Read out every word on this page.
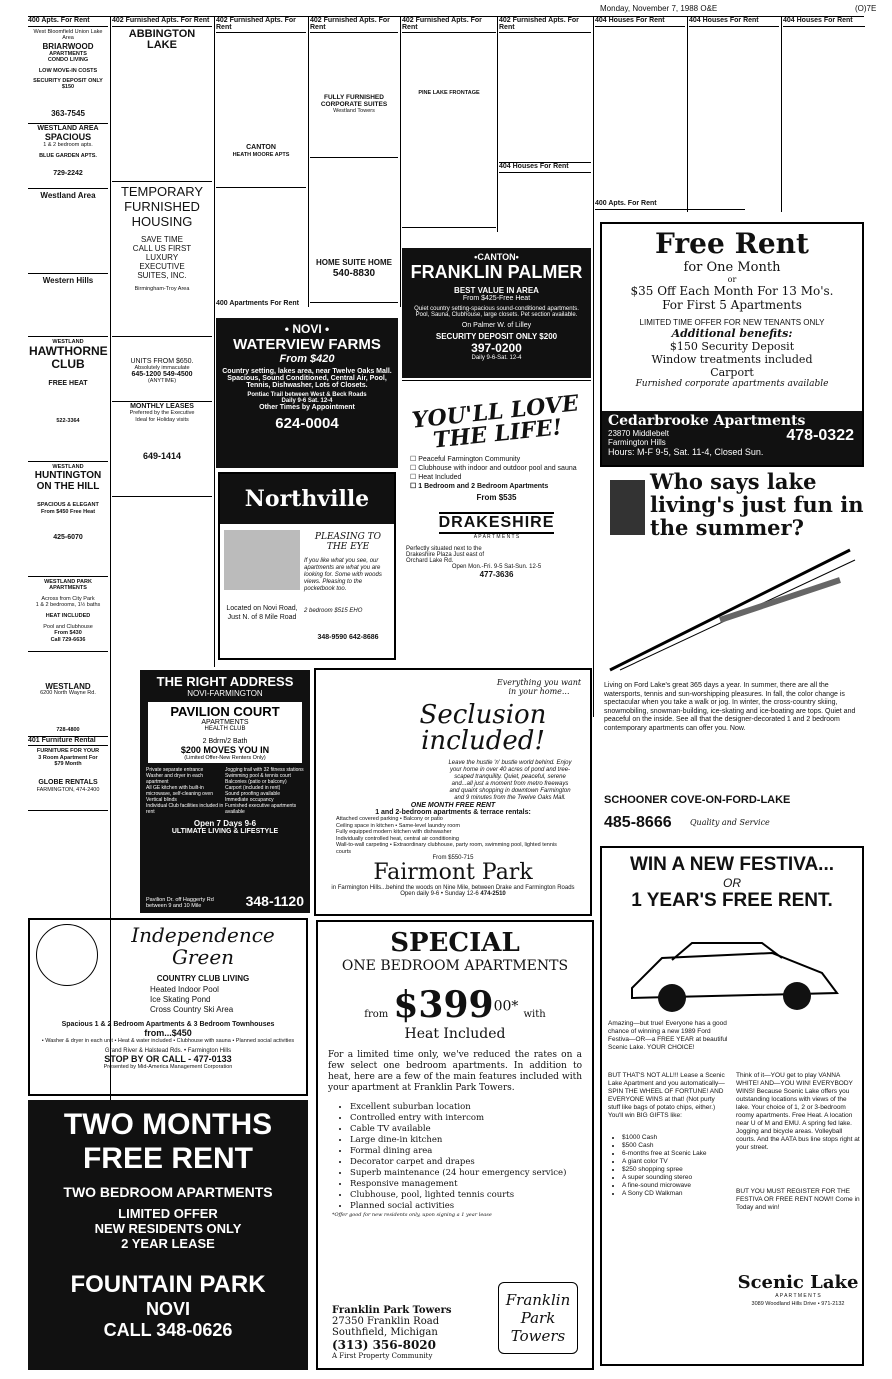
Monday, November 7, 1988 O&E	(O)7E
400 Apts. For Rent

West Bloomfield Union Lake Area

BRIARWOOD

APARTMENTS

CONDO LIVING

LOW MOVE-IN COSTS

SECURITY DEPOSIT ONLY $150

363-7545

WESTLAND AREA

SPACIOUS

1 & 2 bedroom apts.

BLUE GARDEN APTS.

729-2242

Westland Area

Western Hills

WESTLAND

HAWTHORNE

CLUB

FREE HEAT

522-3364

WESTLAND

HUNTINGTON

ON THE HILL

SPACIOUS & ELEGANT

From $450 Free Heat

425-6070

WESTLAND PARK

APARTMENTS

Across from City Park

1 & 2 bedrooms, 1½ baths

HEAT INCLUDED

Pool and Clubhouse

From $430

Call 729-6636

WESTLAND

6200 North Wayne Rd.

728-4800

401 Furniture Rental

FURNITURE FOR YOUR

3 Room Apartment For

$79 Month

GLOBE RENTALS

FARMINGTON, 474-2400

402 Furnished Apts. For Rent

ABBINGTON

LAKE

TEMPORARY

FURNISHED

HOUSING

SAVE TIME

CALL US FIRST

LUXURY

EXECUTIVE

SUITES, INC.

Birmingham-Troy Area

UNITS FROM $650.

Absolutely immaculate

645-1200 549-4500

(ANYTIME)

MONTHLY LEASES

Preferred by the Executive

Ideal for Holiday visits

649-1414

402 Furnished Apts. For Rent

CANTON

HEATH MOORE APTS

400 Apartments For Rent
402 Furnished Apts. For Rent

FULLY FURNISHED

CORPORATE SUITES

Westland Towers

HOME SUITE HOME

540-8830

402 Furnished Apts. For Rent

PINE LAKE FRONTAGE

402 Furnished Apts. For Rent
404 Houses For Rent
404 Houses For Rent	404 Houses For Rent	404 Houses For Rent
400 Apts. For Rent
•CANTON•
FRANKLIN PALMER
BEST VALUE IN AREA
From $425-Free Heat
Quiet country setting-spacious sound-conditioned apartments. Pool, Sauna, Clubhouse, large closets. Pet section available.
On Palmer W. of Lilley
SECURITY DEPOSIT ONLY $200
397-0200
Daily 9-6-Sat. 12-4
YOU'LL LOVE THE LIFE!
☐ Peaceful Farmington Community
☐ Clubhouse with indoor and outdoor pool and sauna
☐ Heat Included
☐ 1 Bedroom and 2 Bedroom Apartments
From $535
DRAKESHIRE
A P A R T M E N T S
Perfectly situated next to the Drakeshire Plaza Just east of Orchard Lake Rd.
Open Mon.-Fri. 9-5 Sat-Sun. 12-5
477-3636
• NOVI •
WATERVIEW FARMS
From $420
Country setting, lakes area, near Twelve Oaks Mall. Spacious, Sound Conditioned, Central Air, Pool, Tennis, Dishwasher, Lots of Closets.
Pontiac Trail between West & Beck Roads
Daily 9-6 Sat. 12-4
Other Times by Appointment
624-0004
Northville
Located on Novi Road, Just N. of 8 Mile Road
PLEASING TO THE EYE
If you like what you see, our apartments are what you are looking for. Some with woods views. Pleasing to the pocketbook too.
2 bedroom $515 EHO
348-9590 642-8686
Free Rent
for One Month
or
$35 Off Each Month For 13 Mo's.
For First 5 Apartments
LIMITED TIME OFFER FOR NEW TENANTS ONLY
Additional benefits:
$150 Security Deposit
Window treatments included
Carport
Furnished corporate apartments available
Cedarbrooke Apartments
23870 Middlebelt
Farmington Hills	478-0322
Hours: M-F 9-5, Sat. 11-4, Closed Sun.
Who says lake living's just fun in the summer?
Living on Ford Lake's great 365 days a year. In summer, there are all the watersports, tennis and sun-worshipping pleasures. In fall, the color change is spectacular when you take a walk or jog. In winter, the cross-country skiing, snowmobiling, snowman-building, ice-skating and ice-boating are tops. Quiet and peaceful on the inside. See all that the designer-decorated 1 and 2 bedroom contemporary apartments can offer you. Now.
SCHOONER COVE-ON-FORD-LAKE
485-8666 Quality and Service
THE RIGHT ADDRESS
NOVI-FARMINGTON
PAVILION COURT
APARTMENTS
HEALTH CLUB
2 Bdrm/2 Bath
$200 MOVES YOU IN
(Limited Offer-New Renters Only)
Private separate entrance
Washer and dryer in each apartment
All GE kitchen with built-in microwave, self-cleaning oven
Vertical blinds
Individual Club facilities included in rent
Jogging trail with 32 fitness stations
Swimming pool & tennis court
Balconies (patio or balcony)
Carport (included in rent)
Sound proofing available
Immediate occupancy
Furnished executive apartments available
Open 7 Days 9-6
ULTIMATE LIVING & LIFESTYLE
Pavilion Dr. off Haggerty Rd between 9 and 10 Mile	348-1120
Everything you want in your home...
Seclusion included!
Leave the hustle 'n' bustle world behind. Enjoy your home in over 40 acres of pond and tree-scaped tranquility. Quiet, peaceful, serene and...all just a moment from metro freeways and quaint shopping in downtown Farmington and 9 minutes from the Twelve Oaks Mall.
ONE MONTH FREE RENT
1 and 2-bedroom apartments & terrace rentals:
Attached covered parking • Balcony or patio
Ceiling space in kitchen • Same-level laundry room
Fully equipped modern kitchen with dishwasher
Individually controlled heat, central air conditioning
Wall-to-wall carpeting • Extraordinary clubhouse, party room, swimming pool, lighted tennis courts
From $550-715
Fairmont Park
in Farmington Hills...behind the woods on Nine Mile, between Drake and Farmington Roads
Open daily 9-6 • Sunday 12-6 474-2510
WIN A NEW FESTIVA...
OR
1 YEAR'S FREE RENT.
Amazing—but true! Everyone has a good chance of winning a new 1989 Ford Festiva—OR—a FREE YEAR at beautiful Scenic Lake. YOUR CHOICE!
BUT THAT'S NOT ALL!!! Lease a Scenic Lake Apartment and you automatically—SPIN THE WHEEL OF FORTUNE! AND EVERYONE WINS at that! (Not purty stuff like bags of potato chips, either.) You'll win BIG GIFTS like:
• $1000 Cash
• $500 Cash
• 6-months free at Scenic Lake
• A giant color TV
• $250 shopping spree
• A super sounding stereo
• A fine-sound microwave
• A Sony CD Walkman
Think of it—YOU get to play VANNA WHITE! AND—YOU WIN! EVERYBODY WINS! Because Scenic Lake offers you outstanding locations with views of the lake. Your choice of 1, 2 or 3-bedroom roomy apartments. Free Heat. A location near U of M and EMU. A spring fed lake. Jogging and bicycle areas. Volleyball courts. And the AATA bus line stops right at your street.
BUT YOU MUST REGISTER FOR THE FESTIVA OR FREE RENT NOW!! Come in Today and win!
Scenic Lake
A P A R T M E N T S
3089 Woodland Hills Drive • 971-2132
Independence Green
COUNTRY CLUB LIVING
Heated Indoor Pool
Ice Skating Pond
Cross Country Ski Area
Spacious 1 & 2 Bedroom Apartments & 3 Bedroom Townhouses
from...$450
• Washer & dryer in each unit • Heat & water included • Clubhouse with sauna • Planned social activities
Grand River & Halstead Rds. • Farmington Hills
STOP BY OR CALL - 477-0133
Presented by Mid-America Management Corporation
TWO MONTHS
FREE RENT
TWO BEDROOM APARTMENTS
LIMITED OFFER
NEW RESIDENTS ONLY
2 YEAR LEASE
FOUNTAIN PARK
NOVI
CALL 348-0626
SPECIAL
ONE BEDROOM APARTMENTS
from $\$399^{00*}$ with
Heat Included
For a limited time only, we've reduced the rates on a few select one bedroom apartments. In addition to heat, here are a few of the main features included with your apartment at Franklin Park Towers.
• Excellent suburban location
• Controlled entry with intercom
• Cable TV available
• Large dine-in kitchen
• Formal dining area
• Decorator carpet and drapes
• Superb maintenance (24 hour emergency service)
• Responsive management
• Clubhouse, pool, lighted tennis courts
• Planned social activities
*Offer good for new residents only, upon signing a 1 year lease
Franklin Park Towers
27350 Franklin Road
Southfield, Michigan
(313) 356-8020
A First Property Community
Franklin Park Towers
